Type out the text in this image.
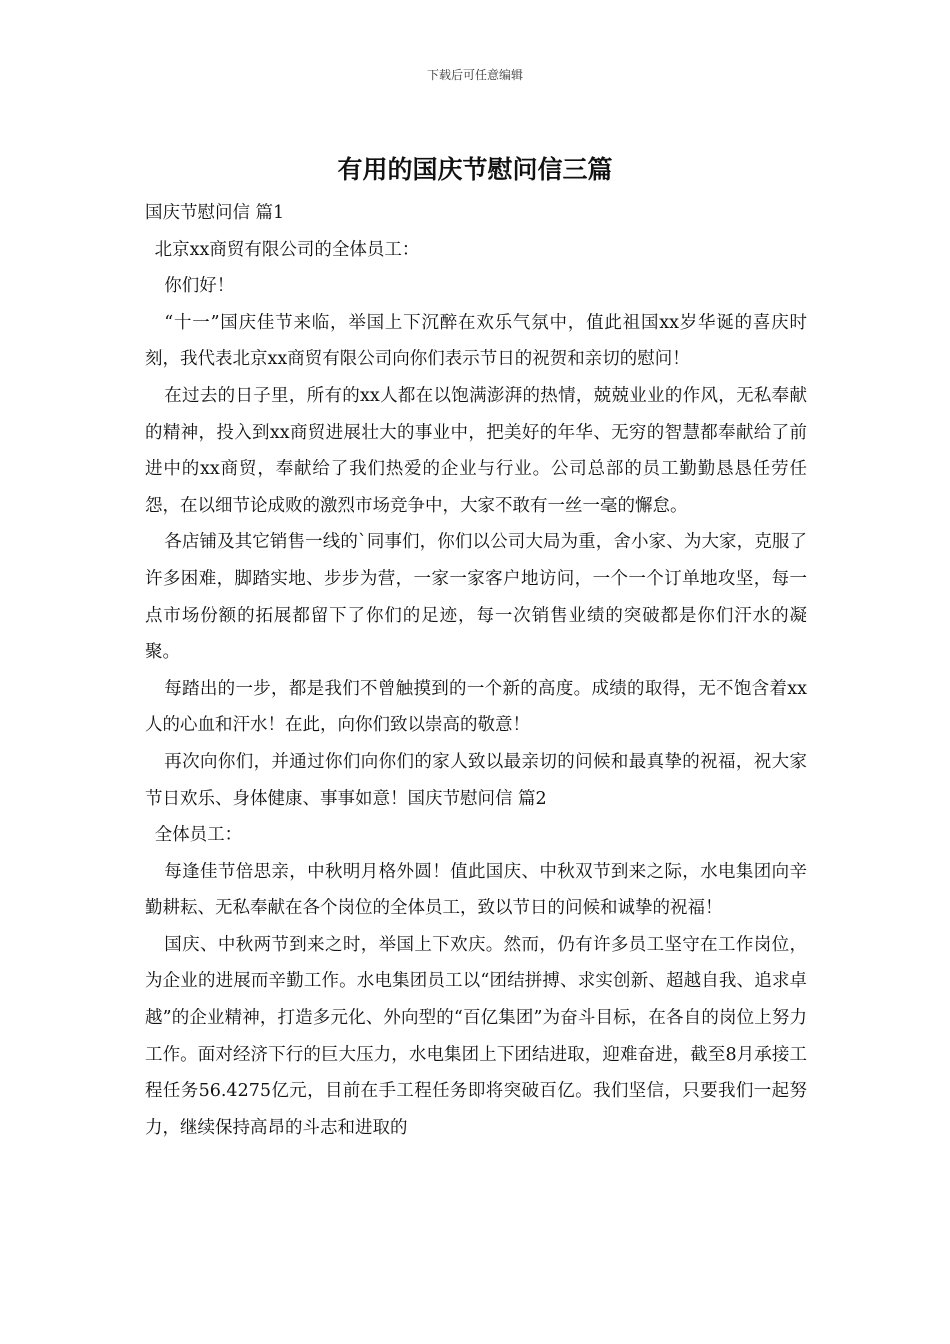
下载后可任意编辑
有用的国庆节慰问信三篇

国庆节慰问信 篇1

北京xx商贸有限公司的全体员工：

你们好！

“十一”国庆佳节来临，举国上下沉醉在欢乐气氛中，值此祖国xx岁华诞的喜庆时刻，我代表北京xx商贸有限公司向你们表示节日的祝贺和亲切的慰问！

在过去的日子里，所有的xx人都在以饱满澎湃的热情，兢兢业业的作风，无私奉献的精神，投入到xx商贸进展壮大的事业中，把美好的年华、无穷的智慧都奉献给了前进中的xx商贸，奉献给了我们热爱的企业与行业。公司总部的员工勤勤恳恳任劳任怨，在以细节论成败的激烈市场竞争中，大家不敢有一丝一毫的懈怠。

各店铺及其它销售一线的`同事们，你们以公司大局为重，舍小家、为大家，克服了许多困难，脚踏实地、步步为营，一家一家客户地访问，一个一个订单地攻坚，每一点市场份额的拓展都留下了你们的足迹，每一次销售业绩的突破都是你们汗水的凝聚。

每踏出的一步，都是我们不曾触摸到的一个新的高度。成绩的取得，无不饱含着xx人的心血和汗水！在此，向你们致以崇高的敬意！

再次向你们，并通过你们向你们的家人致以最亲切的问候和最真挚的祝福，祝大家节日欢乐、身体健康、事事如意！国庆节慰问信 篇2

全体员工：

每逢佳节倍思亲，中秋明月格外圆！值此国庆、中秋双节到来之际，水电集团向辛勤耕耘、无私奉献在各个岗位的全体员工，致以节日的问候和诚挚的祝福！

国庆、中秋两节到来之时，举国上下欢庆。然而，仍有许多员工坚守在工作岗位，为企业的进展而辛勤工作。水电集团员工以“团结拼搏、求实创新、超越自我、追求卓越”的企业精神，打造多元化、外向型的“百亿集团”为奋斗目标，在各自的岗位上努力工作。面对经济下行的巨大压力，水电集团上下团结进取，迎难奋进，截至8月承接工程任务56.4275亿元，目前在手工程任务即将突破百亿。我们坚信，只要我们一起努力，继续保持高昂的斗志和进取的
